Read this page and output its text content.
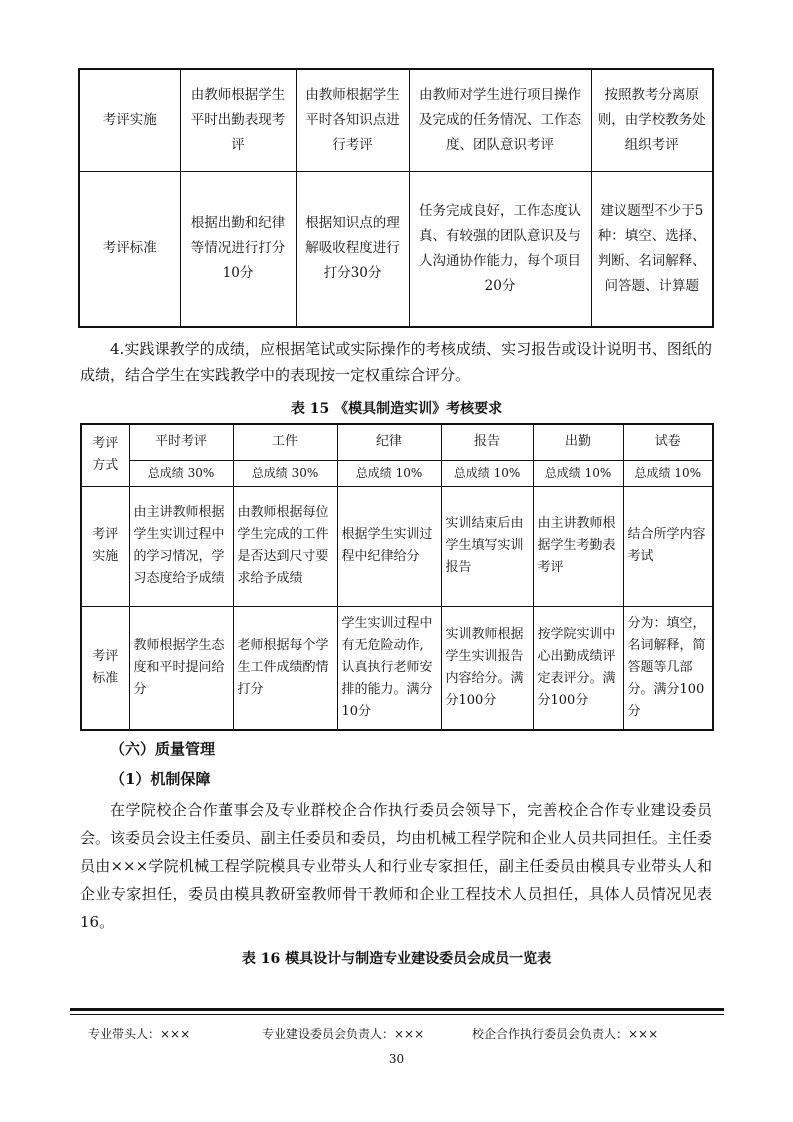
考评实施	由教师根据学生平时出勤表现考评	由教师根据学生平时各知识点进行考评	由教师对学生进行项目操作及完成的任务情况、工作态度、团队意识考评	按照教考分离原则，由学校教务处组织考评
考评标准	根据出勤和纪律等情况进行打分10分	根据知识点的理解吸收程度进行打分30分	任务完成良好，工作态度认真、有较强的团队意识及与人沟通协作能力，每个项目20分	建议题型不少于5种：填空、选择、判断、名词解释、问答题、计算题
4.实践课教学的成绩，应根据笔试或实际操作的考核成绩、实习报告或设计说明书、图纸的成绩，结合学生在实践教学中的表现按一定权重综合评分。
表 15 《模具制造实训》考核要求
考评方式	平时考评	工件	纪律	报告	出勤	试卷
	总成绩 30%	总成绩 30%	总成绩 10%	总成绩 10%	总成绩 10%	总成绩 10%
考评实施	由主讲教师根据学生实训过程中的学习情况，学习态度给予成绩	由教师根据每位学生完成的工件是否达到尺寸要求给予成绩	根据学生实训过程中纪律给分	实训结束后由学生填写实训报告	由主讲教师根据学生考勤表考评	结合所学内容考试
考评标准	教师根据学生态度和平时提问给分	老师根据每个学生工件成绩酌情打分	学生实训过程中有无危险动作,认真执行老师安排的能力。满分10分	实训教师根据学生实训报告内容给分。满分100分	按学院实训中心出勤成绩评定表评分。满分100分	分为：填空，名词解释，简答题等几部分。满分100分
（六）质量管理
（1）机制保障
在学院校企合作董事会及专业群校企合作执行委员会领导下，完善校企合作专业建设委员会。该委员会设主任委员、副主任委员和委员，均由机械工程学院和企业人员共同担任。主任委员由×××学院机械工程学院模具专业带头人和行业专家担任，副主任委员由模具专业带头人和企业专家担任，委员由模具教研室教师骨干教师和企业工程技术人员担任，具体人员情况见表16。
表 16 模具设计与制造专业建设委员会成员一览表
专业带头人：×××	专业建设委员会负责人：×××	校企合作执行委员会负责人：×××
30
